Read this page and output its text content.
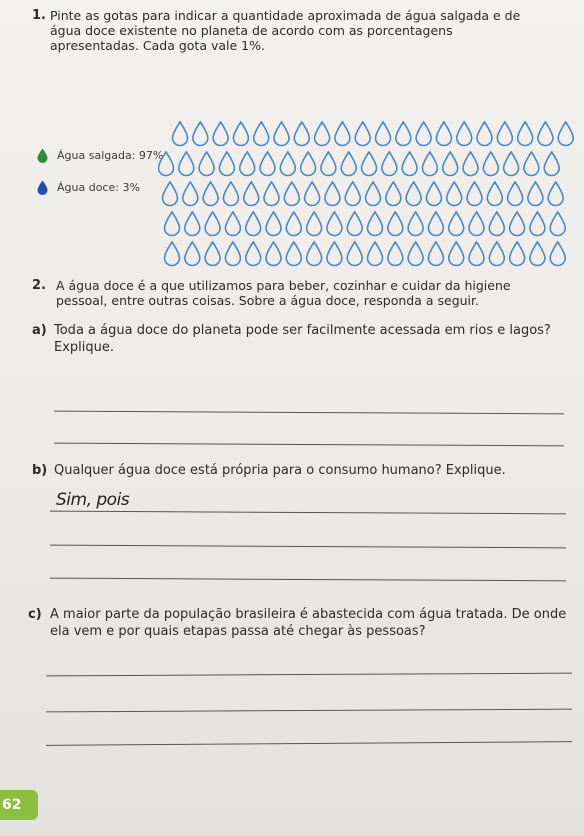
1. Pinte as gotas para indicar a quantidade aproximada de água salgada e de água doce existente no planeta de acordo com as porcentagens apresentadas. Cada gota vale 1%.
Água salgada: 97%
Água doce: 3%
2. A água doce é a que utilizamos para beber, cozinhar e cuidar da higiene pessoal, entre outras coisas. Sobre a água doce, responda a seguir.
a) Toda a água doce do planeta pode ser facilmente acessada em rios e lagos? Explique.
b) Qualquer água doce está própria para o consumo humano? Explique.
Sim, pois
c) A maior parte da população brasileira é abastecida com água tratada. De onde ela vem e por quais etapas passa até chegar às pessoas?
62
